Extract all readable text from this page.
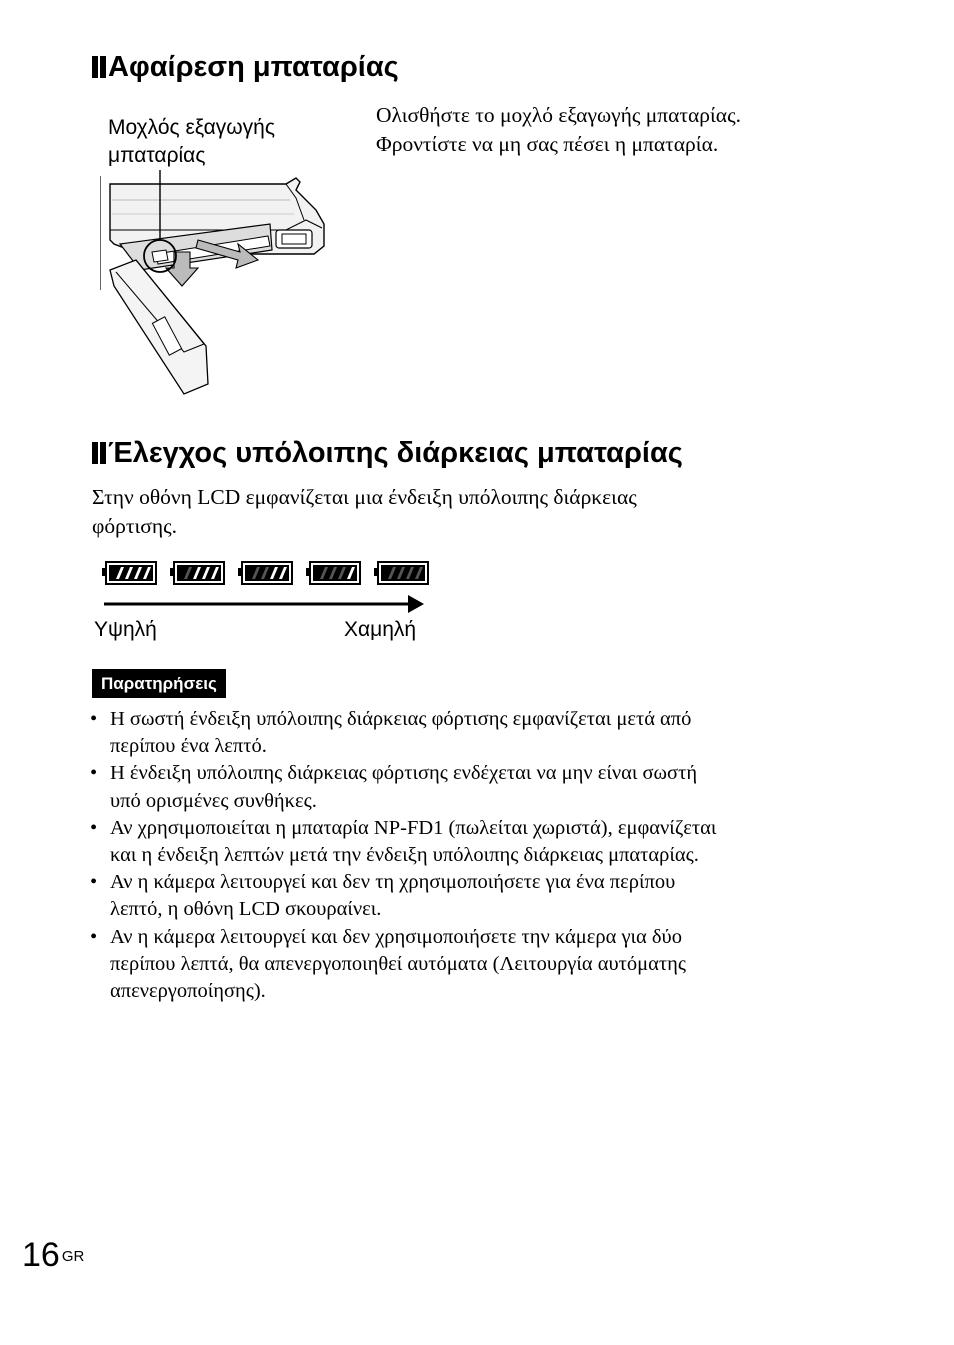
Αφαίρεση μπαταρίας
Μοχλός εξαγωγής
μπαταρίας
Ολισθήστε το μοχλό εξαγωγής μπαταρίας.
Φροντίστε να μη σας πέσει η μπαταρία.
Έλεγχος υπόλοιπης διάρκειας μπαταρίας
Στην οθόνη LCD εμφανίζεται μια ένδειξη υπόλοιπης διάρκειας
φόρτισης.
Υψηλή	Χαμηλή
Παρατηρήσεις
• Η σωστή ένδειξη υπόλοιπης διάρκειας φόρτισης εμφανίζεται μετά από
περίπου ένα λεπτό.
• Η ένδειξη υπόλοιπης διάρκειας φόρτισης ενδέχεται να μην είναι σωστή
υπό ορισμένες συνθήκες.
• Αν χρησιμοποιείται η μπαταρία NP-FD1 (πωλείται χωριστά), εμφανίζεται
και η ένδειξη λεπτών μετά την ένδειξη υπόλοιπης διάρκειας μπαταρίας.
• Αν η κάμερα λειτουργεί και δεν τη χρησιμοποιήσετε για ένα περίπου
λεπτό, η οθόνη LCD σκουραίνει.
• Αν η κάμερα λειτουργεί και δεν χρησιμοποιήσετε την κάμερα για δύο
περίπου λεπτά, θα απενεργοποιηθεί αυτόματα (Λειτουργία αυτόματης
απενεργοποίησης).
16 $^{GR}$
